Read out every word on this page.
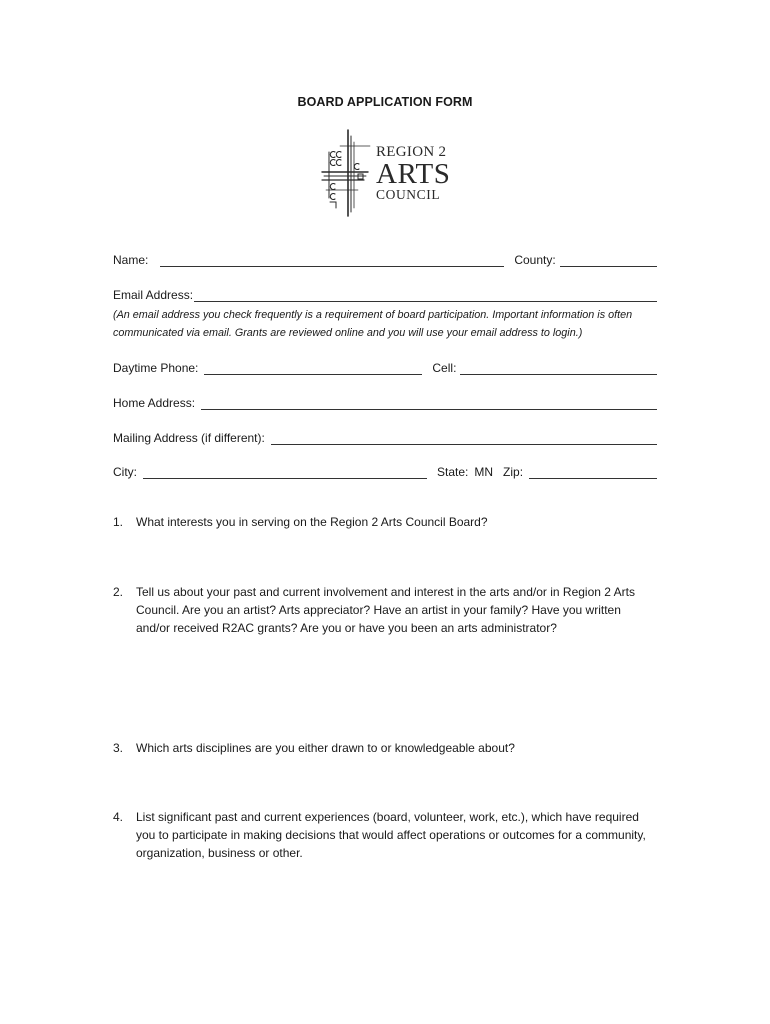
BOARD APPLICATION FORM
REGION 2
ARTS
COUNCIL
Name:	County:
Email Address:
(An email address you check frequently is a requirement of board participation. Important information is often communicated via email. Grants are reviewed online and you will use your email address to login.)
Daytime Phone:	Cell:
Home Address:
Mailing Address (if different):
City:	State: MN Zip:
1.	What interests you in serving on the Region 2 Arts Council Board?
2.	Tell us about your past and current involvement and interest in the arts and/or in Region 2 Arts Council. Are you an artist? Arts appreciator? Have an artist in your family? Have you written and/or received R2AC grants? Are you or have you been an arts administrator?
3.	Which arts disciplines are you either drawn to or knowledgeable about?
4.	List significant past and current experiences (board, volunteer, work, etc.), which have required you to participate in making decisions that would affect operations or outcomes for a community, organization, business or other.
